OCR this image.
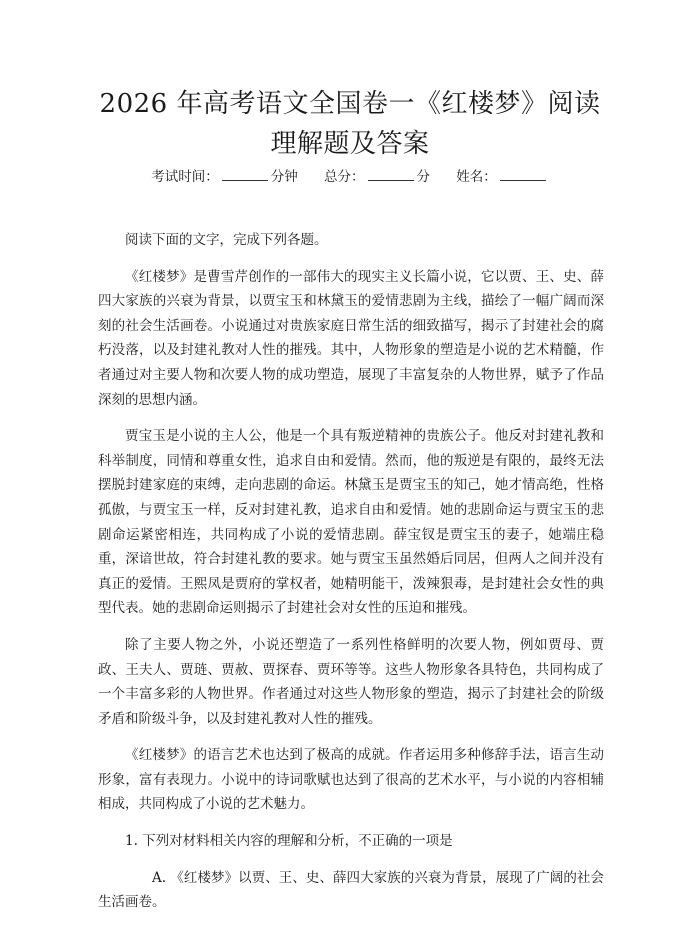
2026 年高考语文全国卷一《红楼梦》阅读理解题及答案
考试时间：	分钟 总分：	分 姓名：

阅读下面的文字，完成下列各题。

《红楼梦》是曹雪芹创作的一部伟大的现实主义长篇小说，它以贾、王、史、薛四大家族的兴衰为背景，以贾宝玉和林黛玉的爱情悲剧为主线，描绘了一幅广阔而深刻的社会生活画卷。小说通过对贵族家庭日常生活的细致描写，揭示了封建社会的腐朽没落，以及封建礼教对人性的摧残。其中，人物形象的塑造是小说的艺术精髓，作者通过对主要人物和次要人物的成功塑造，展现了丰富复杂的人物世界，赋予了作品深刻的思想内涵。

贾宝玉是小说的主人公，他是一个具有叛逆精神的贵族公子。他反对封建礼教和科举制度，同情和尊重女性，追求自由和爱情。然而，他的叛逆是有限的，最终无法摆脱封建家庭的束缚，走向悲剧的命运。林黛玉是贾宝玉的知己，她才情高绝，性格孤傲，与贾宝玉一样，反对封建礼教，追求自由和爱情。她的悲剧命运与贾宝玉的悲剧命运紧密相连，共同构成了小说的爱情悲剧。薛宝钗是贾宝玉的妻子，她端庄稳重，深谙世故，符合封建礼教的要求。她与贾宝玉虽然婚后同居，但两人之间并没有真正的爱情。王熙凤是贾府的掌权者，她精明能干，泼辣狠毒，是封建社会女性的典型代表。她的悲剧命运则揭示了封建社会对女性的压迫和摧残。

除了主要人物之外，小说还塑造了一系列性格鲜明的次要人物，例如贾母、贾政、王夫人、贾琏、贾赦、贾探春、贾环等等。这些人物形象各具特色，共同构成了一个丰富多彩的人物世界。作者通过对这些人物形象的塑造，揭示了封建社会的阶级矛盾和阶级斗争，以及封建礼教对人性的摧残。

《红楼梦》的语言艺术也达到了极高的成就。作者运用多种修辞手法，语言生动形象，富有表现力。小说中的诗词歌赋也达到了很高的艺术水平，与小说的内容相辅相成，共同构成了小说的艺术魅力。

1. 下列对材料相关内容的理解和分析，不正确的一项是

A. 《红楼梦》以贾、王、史、薛四大家族的兴衰为背景，展现了广阔的社会生活画卷。
